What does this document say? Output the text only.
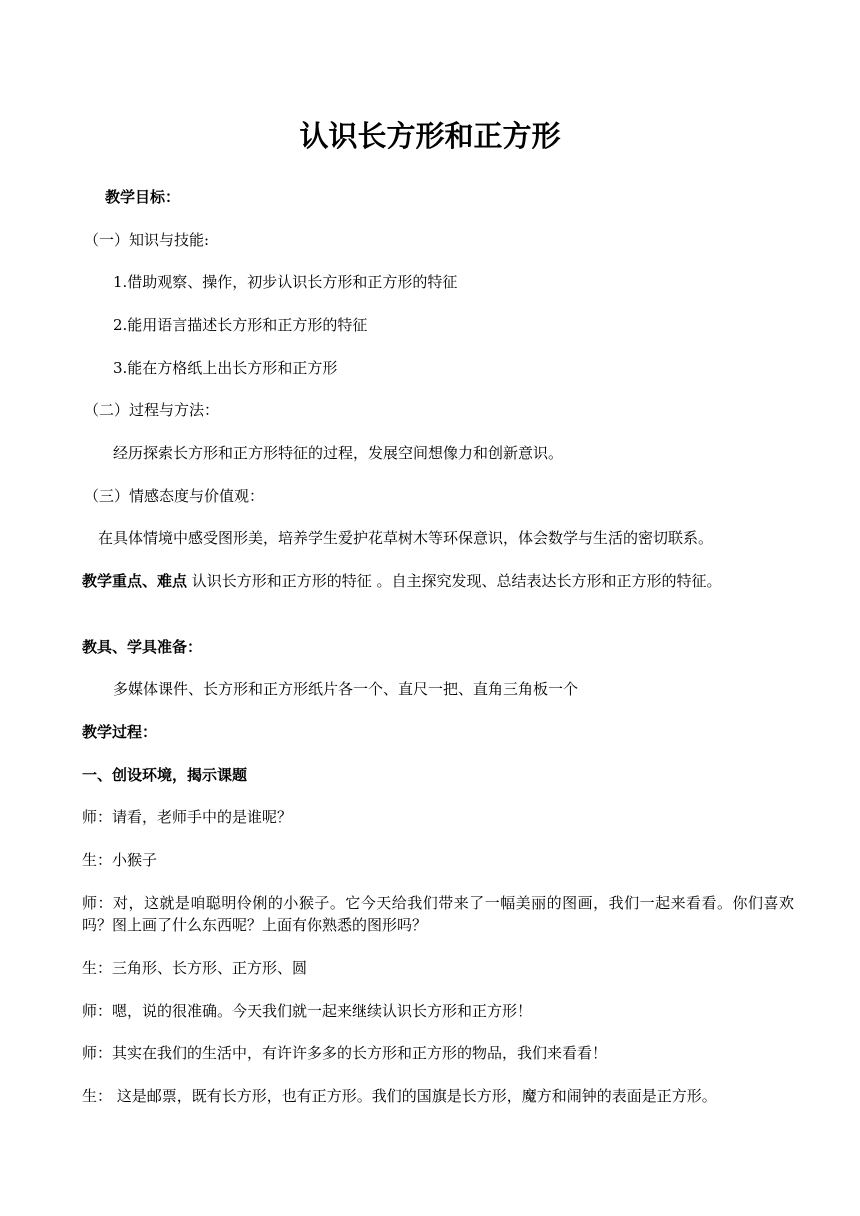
认识长方形和正方形
教学目标：
（一）知识与技能:
1.借助观察、操作，初步认识长方形和正方形的特征
2.能用语言描述长方形和正方形的特征
3.能在方格纸上出长方形和正方形
（二）过程与方法：
经历探索长方形和正方形特征的过程，发展空间想像力和创新意识。
（三）情感态度与价值观：
在具体情境中感受图形美，培养学生爱护花草树木等环保意识，体会数学与生活的密切联系。
教学重点、难点 认识长方形和正方形的特征 。自主探究发现、总结表达长方形和正方形的特征。
教具、学具准备：
多媒体课件、长方形和正方形纸片各一个、直尺一把、直角三角板一个
教学过程：
一、创设环境，揭示课题
师：请看，老师手中的是谁呢？
生：小猴子
师：对，这就是咱聪明伶俐的小猴子。它今天给我们带来了一幅美丽的图画，我们一起来看看。你们喜欢吗？图上画了什么东西呢？上面有你熟悉的图形吗？
生：三角形、长方形、正方形、圆
师：嗯，说的很准确。今天我们就一起来继续认识长方形和正方形！
师：其实在我们的生活中，有许许多多的长方形和正方形的物品，我们来看看！
生： 这是邮票，既有长方形，也有正方形。我们的国旗是长方形，魔方和闹钟的表面是正方形。
